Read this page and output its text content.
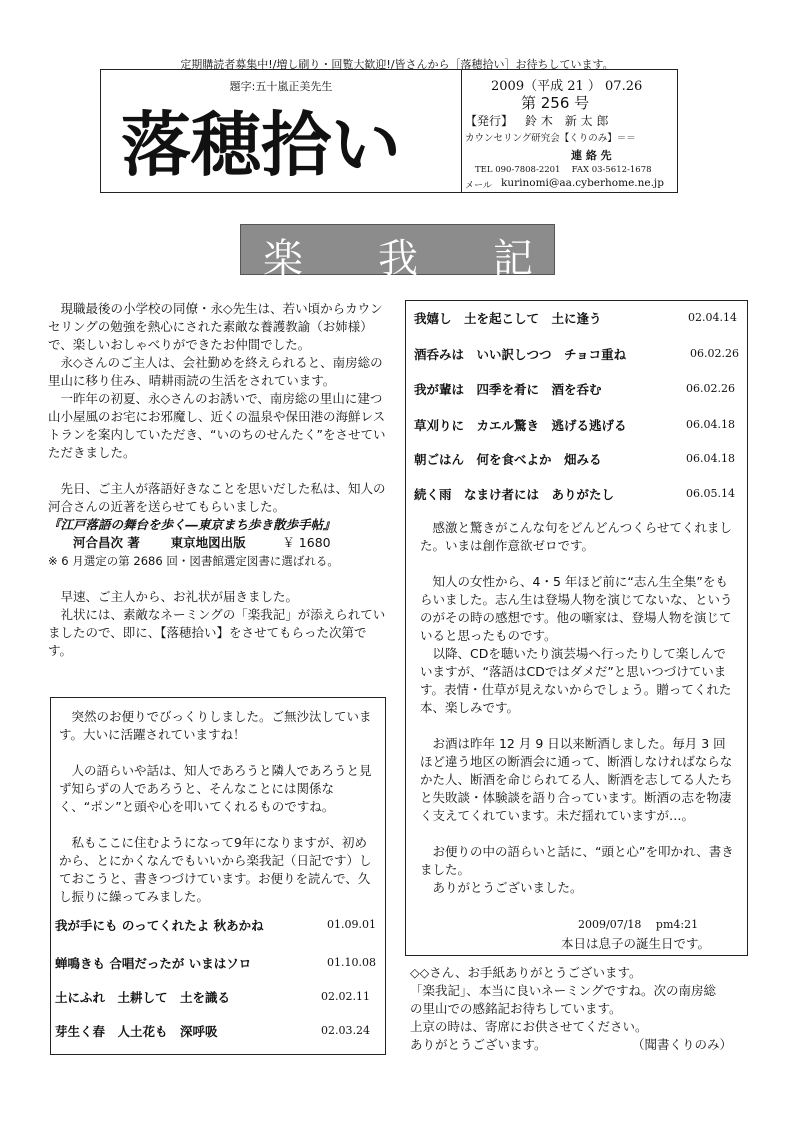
定期購読者募集中!/増し刷り・回覧大歓迎!/皆さんから［落穂拾い］お待ちしています。
題字:五十嵐正美先生
落穂拾い
2009（平成 21 ） 07.26
第 256 号
【発行】 鈴 木　新 太 郎
カウンセリング研究会【くりのみ】＝＝
連 絡 先
TEL 090-7808-2201　 FAX 03-5612-1678
メール kurinomi@aa.cyberhome.ne.jp
楽 我 記

現職最後の小学校の同僚・永◇先生は、若い頃からカウンセリングの勉強を熱心にされた素敵な養護教諭（お姉様）で、楽しいおしゃべりができたお仲間でした。

永◇さんのご主人は、会社勤めを終えられると、南房総の里山に移り住み、晴耕雨読の生活をされています。

一昨年の初夏、永◇さんのお誘いで、南房総の里山に建つ山小屋風のお宅にお邪魔し、近くの温泉や保田港の海鮮レストランを案内していただき、“いのちのせんたく”をさせていただきました。

先日、ご主人が落語好きなことを思いだした私は、知人の河合さんの近著を送らせてもらいました。

『江戸落語の舞台を歩く―東京まち歩き散歩手帖』

河合昌次 著 東京地図出版	￥ 1680

※ 6 月選定の第 2686 回・図書館選定図書に選ばれる。

早速、ご主人から、お礼状が届きました。

礼状には、素敵なネーミングの「楽我記」が添えられていましたので、即に、【落穂拾い】をさせてもらった次第です。

突然のお便りでびっくりしました。ご無沙汰しています。大いに活躍されていますね！

人の語らいや話は、知人であろうと隣人であろうと見ず知らずの人であろうと、そんなことには関係なく、“ポン”と頭や心を叩いてくれるものですね。

私もここに住むようになって9年になりますが、初めから、とにかくなんでもいいから楽我記（日記です）しておこうと、書きつづけています。お便りを読んで、久し振りに繰ってみました。

我が手にも のってくれたよ 秋あかね	01.09.01
蝉鳴きも 合唱だったが いまはソロ	01.10.08
土にふれ　土耕して　土を識る	02.02.11
芽生く春　人土花も　深呼吸	02.03.24
我嬉し　土を起こして　土に逢う	02.04.14
酒呑みは　いい訳しつつ　チョコ重ね	06.02.26
我が輩は　四季を肴に　酒を呑む	06.02.26
草刈りに　カエル驚き　逃げる逃げる	06.04.18
朝ごはん　何を食べよか　畑みる	06.04.18
続く雨　なまけ者には　ありがたし	06.05.14

感激と驚きがこんな句をどんどんつくらせてくれました。いまは創作意欲ゼロです。

知人の女性から、4・5 年ほど前に“志ん生全集”をもらいました。志ん生は登場人物を演じてないな、というのがその時の感想です。他の噺家は、登場人物を演じていると思ったものです。

以降、CDを聴いたり演芸場へ行ったりして楽しんでいますが、“落語はCDではダメだ”と思いつづけています。表情・仕草が見えないからでしょう。贈ってくれた本、楽しみです。

お酒は昨年 12 月 9 日以来断酒しました。毎月 3 回ほど違う地区の断酒会に通って、断酒しなければならなかた人、断酒を命じられてる人、断酒を志してる人たちと失敗談・体験談を語り合っています。断酒の志を物凄く支えてくれています。未だ揺れていますが…。

お便りの中の語らいと話に、“頭と心”を叩かれ、書きました。

ありがとうございました。

2009/07/18　 pm4:21
本日は息子の誕生日です。

◇◇さん、お手紙ありがとうございます。

「楽我記」、本当に良いネーミングですね。次の南房総

の里山での感銘記お待ちしています。

上京の時は、寄席にお供させてください。

ありがとうございます。	（聞書くりのみ）
